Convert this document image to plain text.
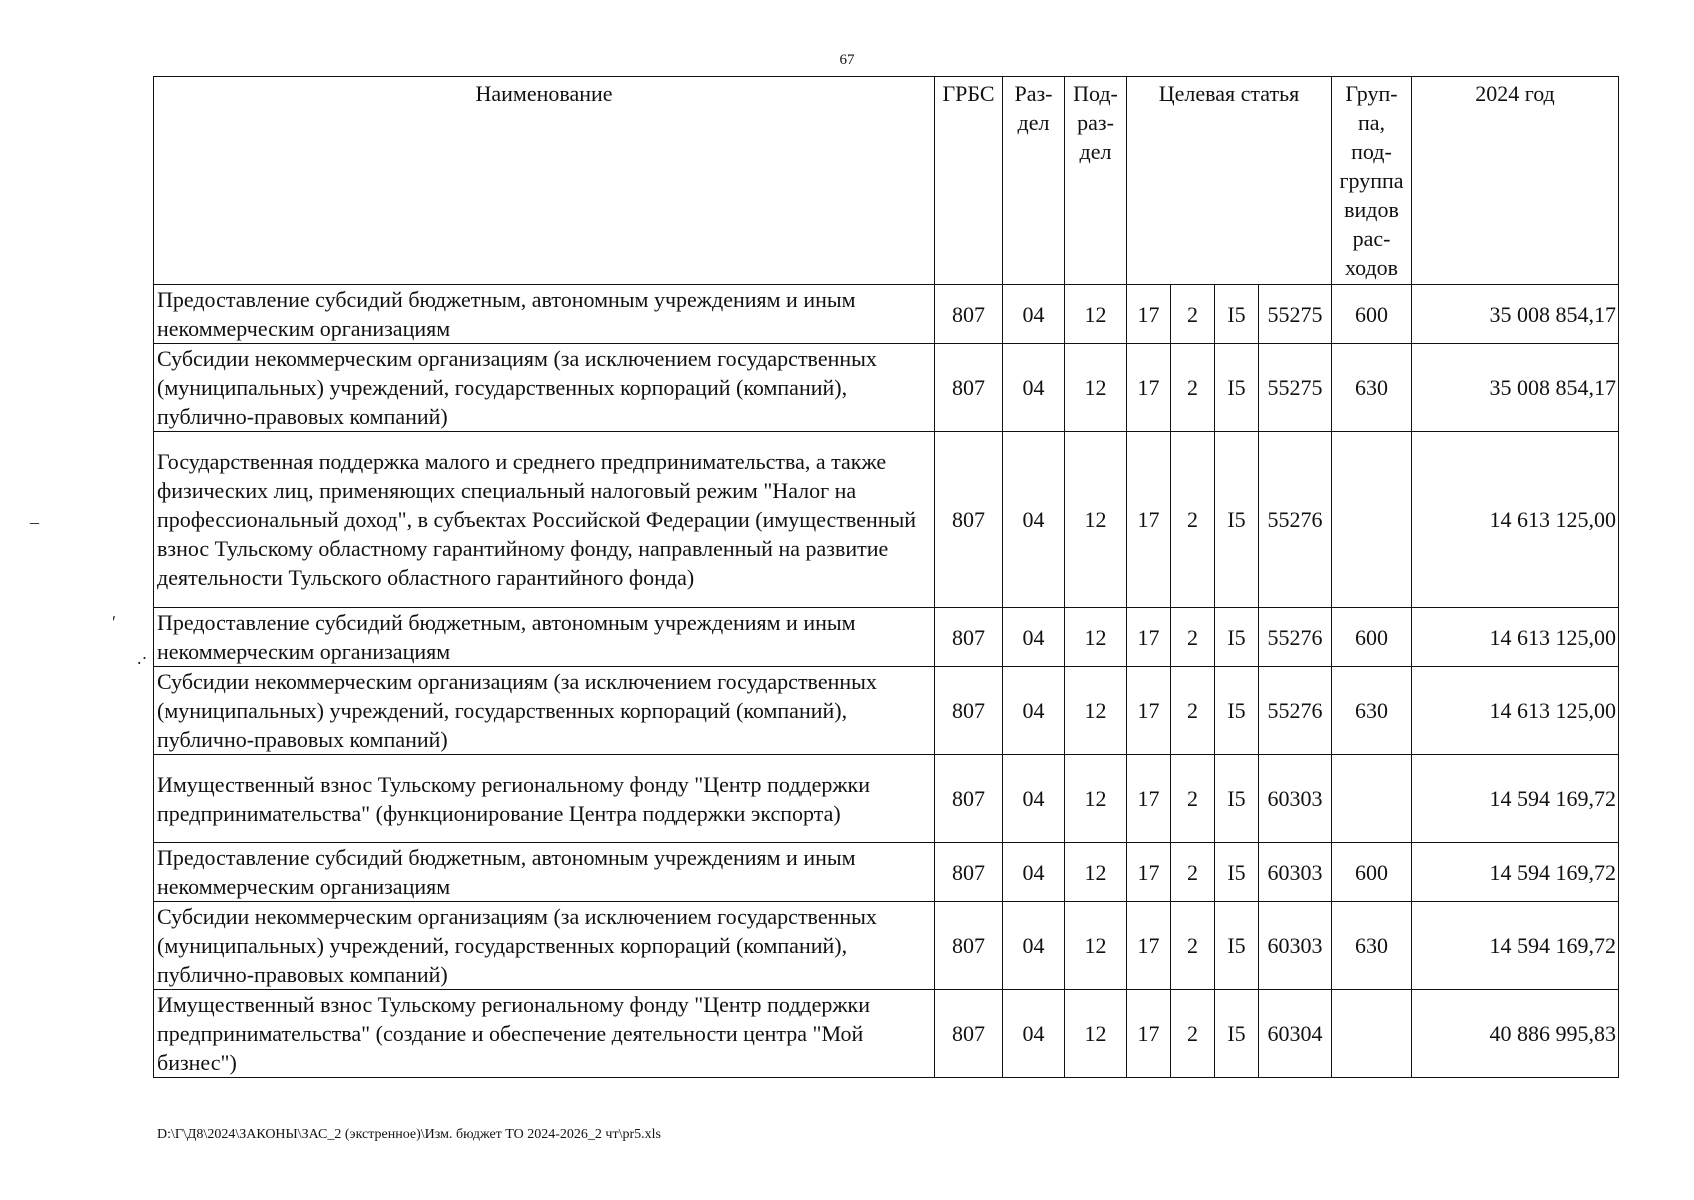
67
Наименование	ГРБС	Раз- дел	Под- раз- дел	Целевая статья				Груп- па, под- группа видов рас- ходов	2024 год
Предоставление субсидий бюджетным, автономным учреждениям и иным некоммерческим организациям	807	04	12	17	2	I5	55275	600	35 008 854,17
Субсидии некоммерческим организациям (за исключением государственных (муниципальных) учреждений, государственных корпораций (компаний), публично-правовых компаний)	807	04	12	17	2	I5	55275	630	35 008 854,17
Государственная поддержка малого и среднего предпринимательства, а также физических лиц, применяющих специальный налоговый режим "Налог на профессиональный доход", в субъектах Российской Федерации (имущественный взнос Тульскому областному гарантийному фонду, направленный на развитие деятельности Тульского областного гарантийного фонда)	807	04	12	17	2	I5	55276		14 613 125,00
Предоставление субсидий бюджетным, автономным учреждениям и иным некоммерческим организациям	807	04	12	17	2	I5	55276	600	14 613 125,00
Субсидии некоммерческим организациям (за исключением государственных (муниципальных) учреждений, государственных корпораций (компаний), публично-правовых компаний)	807	04	12	17	2	I5	55276	630	14 613 125,00
Имущественный взнос Тульскому региональному фонду "Центр поддержки предпринимательства" (функционирование Центра поддержки экспорта)	807	04	12	17	2	I5	60303		14 594 169,72
Предоставление субсидий бюджетным, автономным учреждениям и иным некоммерческим организациям	807	04	12	17	2	I5	60303	600	14 594 169,72
Субсидии некоммерческим организациям (за исключением государственных (муниципальных) учреждений, государственных корпораций (компаний), публично-правовых компаний)	807	04	12	17	2	I5	60303	630	14 594 169,72
Имущественный взнос Тульскому региональному фонду "Центр поддержки предпринимательства" (создание и обеспечение деятельности центра "Мой бизнес")	807	04	12	17	2	I5	60304		40 886 995,83
D:\Г\Д8\2024\ЗАКОНЫ\ЗАС_2 (экстренное)\Изм. бюджет ТО 2024-2026_2 чт\pr5.xls
–
ʹ
.·
